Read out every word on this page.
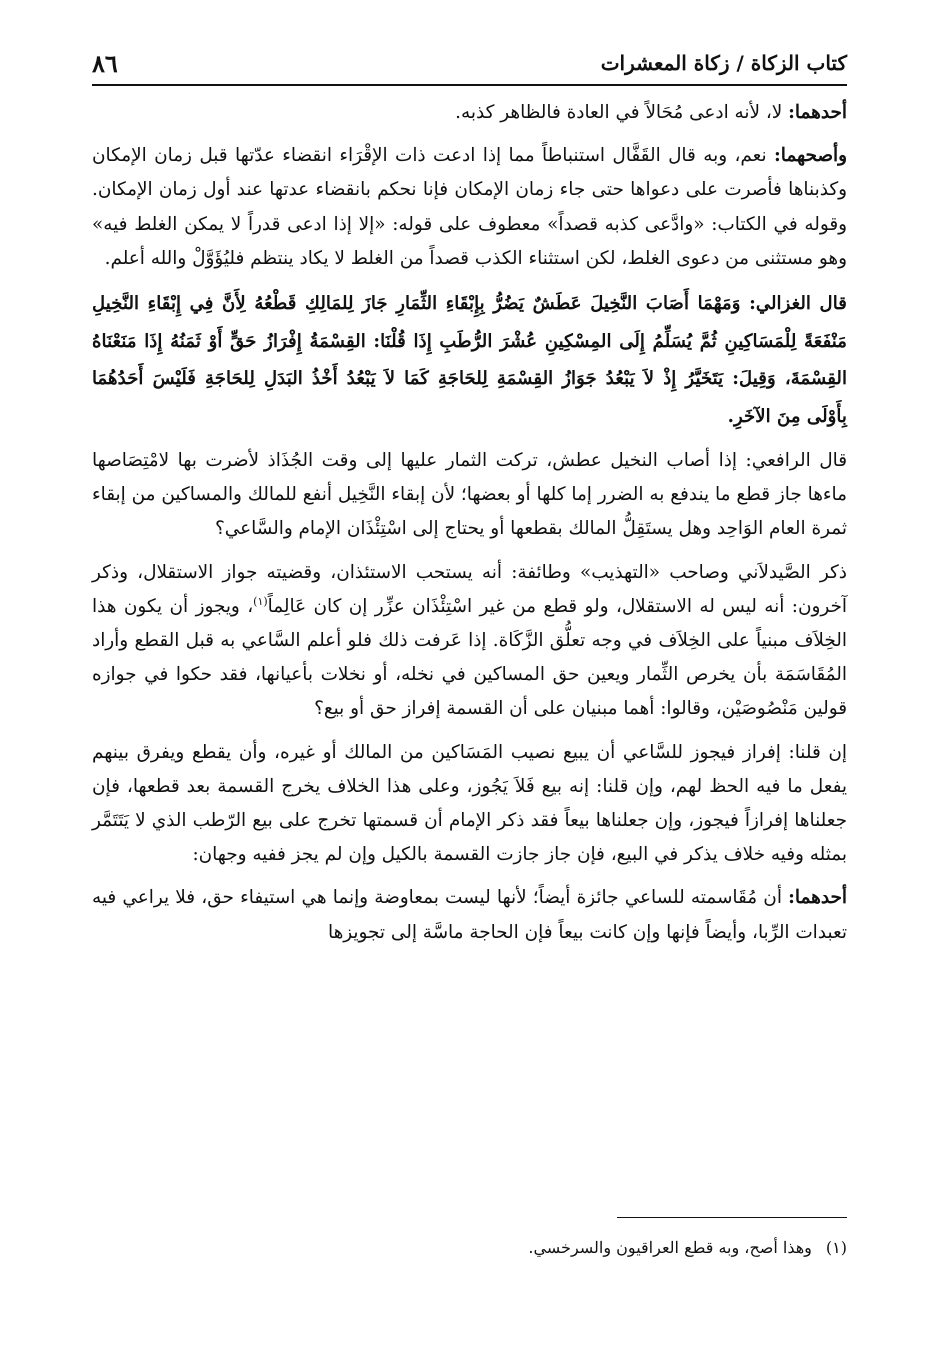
كتاب الزكاة / زكاة المعشرات
٨٦

أحدهما: لا، لأنه ادعى مُحَالاً في العادة فالظاهر كذبه.

وأصحهما: نعم، وبه قال القَفَّال استنباطاً مما إذا ادعت ذات الإقْرَاء انقضاء عدّتها قبل زمان الإمكان وكذبناها فأصرت على دعواها حتى جاء زمان الإمكان فإنا نحكم بانقضاء عدتها عند أول زمان الإمكان. وقوله في الكتاب: «وادَّعى كذبه قصداً» معطوف على قوله: «إلا إذا ادعى قدراً لا يمكن الغلط فيه» وهو مستثنى من دعوى الغلط، لكن استثناء الكذب قصداً من الغلط لا يكاد ينتظم فليُؤَوَّلْ والله أعلم.

قال الغزالي: وَمَهْمَا أَصَابَ النَّخِيلَ عَطَشٌ يَضُرُّ بِإِبْقَاءِ الثِّمَارِ جَازَ لِلمَالِكِ قَطْعُهُ لِأَنَّ فِي إِبْقَاءِ النَّخِيلِ مَنْفَعَةً لِلْمَسَاكِينِ ثُمَّ يُسَلِّمُ إِلَى المِسْكِينِ عُشْرَ الرُّطَبِ إِذَا قُلْنَا: القِسْمَةُ إِفْرَازُ حَقٍّ أَوْ ثَمَنُهُ إِذَا مَنَعْنَاهُ القِسْمَةَ، وَقِيلَ: يَتَخَيَّرُ إِذْ لاَ يَبْعُدُ جَوَازُ القِسْمَةِ لِلحَاجَةِ كَمَا لاَ يَبْعُدُ أَخْذُ البَدَلِ لِلحَاجَةِ فَلَيْسَ أَحَدُهُمَا بِأَوْلَى مِنَ الآخَرِ.

قال الرافعي: إذا أصاب النخيل عطش، تركت الثمار عليها إلى وقت الجُذَاذ لأضرت بها لامْتِصَاصها ماءها جاز قطع ما يندفع به الضرر إما كلها أو بعضها؛ لأن إبقاء النَّخِيل أنفع للمالك والمساكين من إبقاء ثمرة العام الوَاحِد وهل يستَقِلُّ المالك بقطعها أو يحتاج إلى اسْتِئْذَان الإمام والسَّاعي؟

ذكر الصَّيدلاَني وصاحب «التهذيب» وطائفة: أنه يستحب الاستئذان، وقضيته جواز الاستقلال، وذكر آخرون: أنه ليس له الاستقلال، ولو قطع من غير اسْتِئْذَان عزِّر إن كان عَالِماً$^{(١)}$، ويجوز أن يكون هذا الخِلاَف مبنياً على الخِلاَف في وجه تعلُّق الزَّكَاة. إذا عَرفت ذلك فلو أعلم السَّاعي به قبل القطع وأراد المُقَاسَمَة بأن يخرص الثِّمار ويعين حق المساكين في نخله، أو نخلات بأعيانها، فقد حكوا في جوازه قولين مَنْصُوصَيْن، وقالوا: أهما مبنيان على أن القسمة إفراز حق أو بيع؟

إن قلنا: إفراز فيجوز للسَّاعي أن يبيع نصيب المَسَاكين من المالك أو غيره، وأن يقطع ويفرق بينهم يفعل ما فيه الحظ لهم، وإن قلنا: إنه بيع فَلاَ يَجُوز، وعلى هذا الخلاف يخرج القسمة بعد قطعها، فإن جعلناها إفرازاً فيجوز، وإن جعلناها بيعاً فقد ذكر الإمام أن قسمتها تخرج على بيع الرّطب الذي لا يَتَتَمَّر بمثله وفيه خلاف يذكر في البيع، فإن جاز جازت القسمة بالكيل وإن لم يجز ففيه وجهان:

أحدهما: أن مُقَاسمته للساعي جائزة أيضاً؛ لأنها ليست بمعاوضة وإنما هي استيفاء حق، فلا يراعي فيه تعبدات الرِّبا، وأيضاً فإنها وإن كانت بيعاً فإن الحاجة ماسَّة إلى تجويزها

(١)وهذا أصح، وبه قطع العراقيون والسرخسي.
